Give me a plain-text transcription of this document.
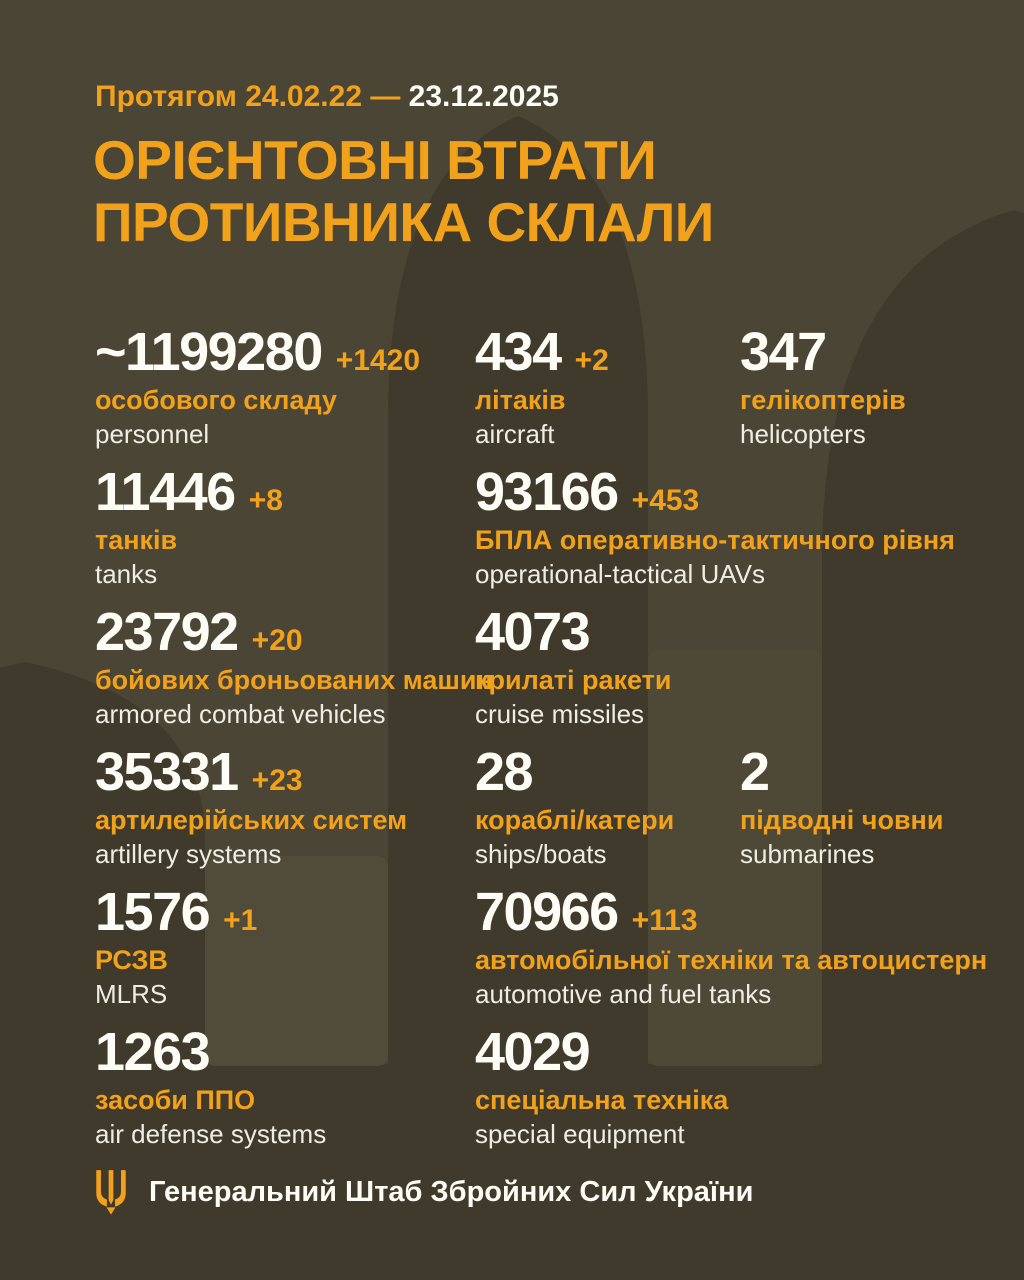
Протягом 24.02.22 — 23.12.2025
ОРІЄНТОВНІ ВТРАТИ
ПРОТИВНИКА СКЛАЛИ
~1199280 +1420
особового складу
personnel
434 +2
літаків
aircraft
347
гелікоптерів
helicopters
11446 +8
танків
tanks
93166 +453
БПЛА оперативно-тактичного рівня
operational-tactical UAVs
23792 +20
бойових броньованих машин
armored combat vehicles
4073
крилаті ракети
cruise missiles
35331 +23
артилерійських систем
artillery systems
28
кораблі/катери
ships/boats
2
підводні човни
submarines
1576 +1
РСЗВ
MLRS
70966 +113
автомобільної техніки та автоцистерн
automotive and fuel tanks
1263
засоби ППО
air defense systems
4029
спеціальна техніка
special equipment
Генеральний Штаб Збройних Сил України
